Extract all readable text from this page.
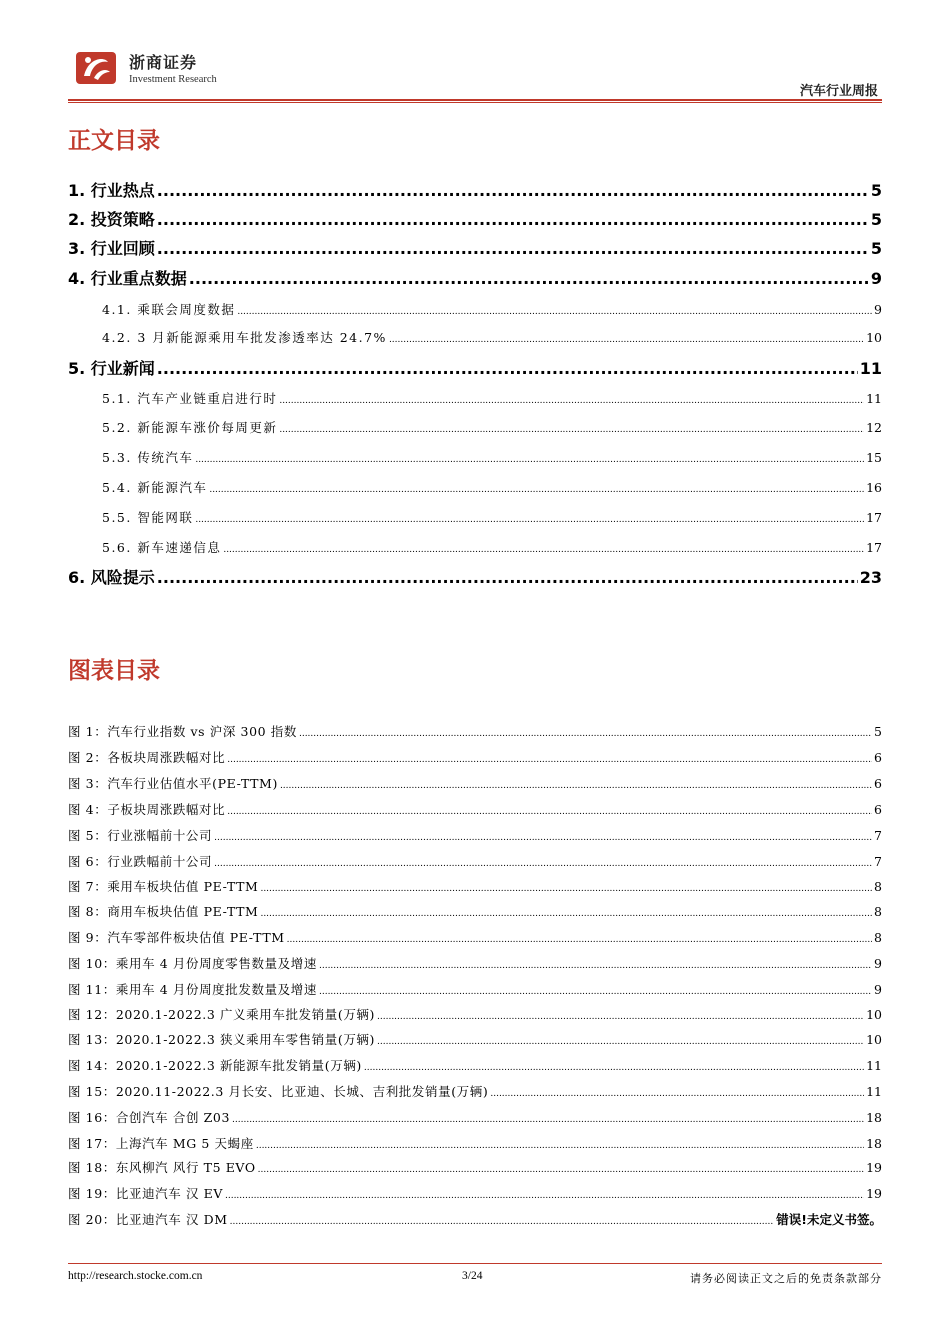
浙商证券
Investment Research
汽车行业周报
正文目录
1. 行业热点 .....	5
2. 投资策略 .....	5
3. 行业回顾 .....	5
4. 行业重点数据 .....	9
4.1. 乘联会周度数据 .....	9
4.2. 3 月新能源乘用车批发渗透率达 24.7% .....	10
5. 行业新闻 .....	11
5.1. 汽车产业链重启进行时 .....	11
5.2. 新能源车涨价每周更新 .....	12
5.3. 传统汽车 .....	15
5.4. 新能源汽车 .....	16
5.5. 智能网联 .....	17
5.6. 新车速递信息 .....	17
6. 风险提示 .....	23
图表目录
图 1：汽车行业指数 vs 沪深 300 指数 .....	5
图 2：各板块周涨跌幅对比 .....	6
图 3：汽车行业估值水平(PE-TTM) .....	6
图 4：子板块周涨跌幅对比 .....	6
图 5：行业涨幅前十公司 .....	7
图 6：行业跌幅前十公司 .....	7
图 7：乘用车板块估值 PE-TTM .....	8
图 8：商用车板块估值 PE-TTM .....	8
图 9：汽车零部件板块估值 PE-TTM .....	8
图 10：乘用车 4 月份周度零售数量及增速 .....	9
图 11：乘用车 4 月份周度批发数量及增速 .....	9
图 12：2020.1-2022.3 广义乘用车批发销量(万辆) .....	10
图 13：2020.1-2022.3 狭义乘用车零售销量(万辆) .....	10
图 14：2020.1-2022.3 新能源车批发销量(万辆) .....	11
图 15：2020.11-2022.3 月长安、比亚迪、长城、吉利批发销量(万辆) .....	11
图 16：合创汽车 合创 Z03 .....	18
图 17：上海汽车 MG 5 天蝎座 .....	18
图 18：东风柳汽 风行 T5 EVO .....	19
图 19：比亚迪汽车 汉 EV .....	19
图 20：比亚迪汽车 汉 DM .....	错误!未定义书签。
http://research.stocke.com.cn	3/24	请务必阅读正文之后的免责条款部分
